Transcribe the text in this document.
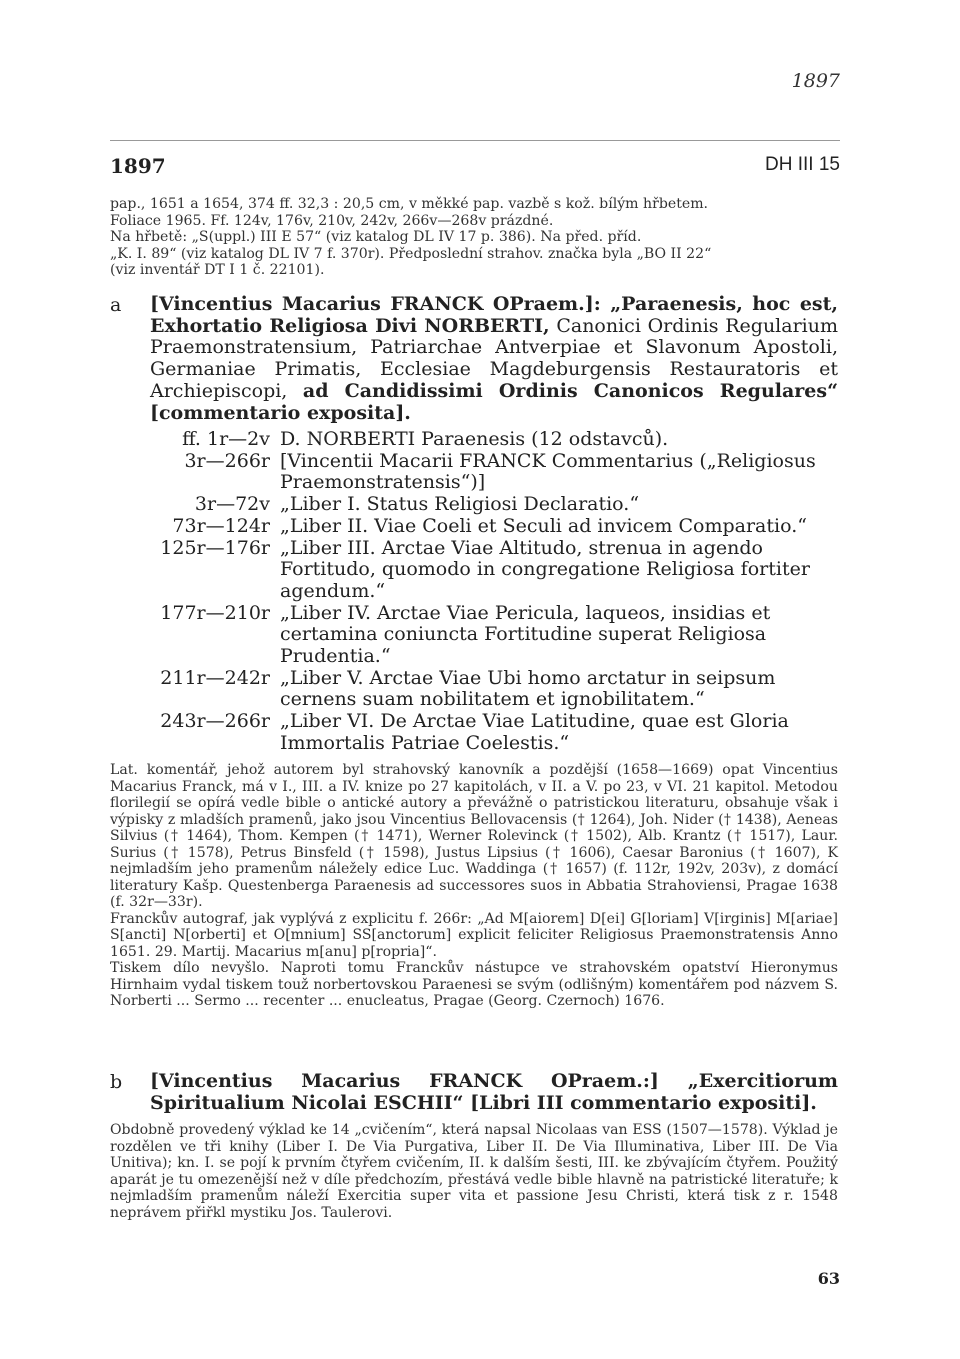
1897
1897	DH III 15
pap., 1651 a 1654, 374 ff. 32,3 : 20,5 cm, v měkké pap. vazbě s kož. bílým hřbetem.
Foliace 1965. Ff. 124v, 176v, 210v, 242v, 266v—268v prázdné.
Na hřbetě: „S(uppl.) III E 57“ (viz katalog DL IV 17 p. 386). Na před. příd.
„K. I. 89“ (viz katalog DL IV 7 f. 370r). Předposlední strahov. značka byla „BO II 22“
(viz inventář DT I 1 č. 22101).
a [Vincentius Macarius FRANCK OPraem.]: „Paraenesis, hoc est, Exhortatio Religiosa Divi NORBERTI, Canonici Ordinis Regularium Praemonstratensium, Patriarchae Antverpiae et Slavonum Apostoli, Germaniae Primatis, Ecclesiae Magdeburgensis Restauratoris et Archiepiscopi, ad Candidissimi Ordinis Canonicos Regulares“ [commentario exposita].
ff. 1r—2v D. NORBERTI Paraenesis (12 odstavců).
3r—266r [Vincentii Macarii FRANCK Commentarius („Religiosus Praemonstratensis“)]
3r—72v „Liber I. Status Religiosi Declaratio.“
73r—124r „Liber II. Viae Coeli et Seculi ad invicem Comparatio.“
125r—176r „Liber III. Arctae Viae Altitudo, strenua in agendo Fortitudo, quomodo in congregatione Religiosa fortiter agendum.“
177r—210r „Liber IV. Arctae Viae Pericula, laqueos, insidias et certamina coniuncta Fortitudine superat Religiosa Prudentia.“
211r—242r „Liber V. Arctae Viae Ubi homo arctatur in seipsum cernens suam nobilitatem et ignobilitatem.“
243r—266r „Liber VI. De Arctae Viae Latitudine, quae est Gloria Immortalis Patriae Coelestis.“

Lat. komentář, jehož autorem byl strahovský kanovník a pozdější (1658—1669) opat Vincentius Macarius Franck, má v I., III. a IV. knize po 27 kapitolách, v II. a V. po 23, v VI. 21 kapitol. Metodou florilegií se opírá vedle bible o antické autory a převážně o patristickou literaturu, obsahuje však i výpisky z mladších pramenů, jako jsou Vincentius Bellovacensis († 1264), Joh. Nider († 1438), Aeneas Silvius († 1464), Thom. Kempen († 1471), Werner Rolevinck († 1502), Alb. Krantz († 1517), Laur. Surius († 1578), Petrus Binsfeld († 1598), Justus Lipsius († 1606), Caesar Baronius († 1607), K nejmladším jeho pramenům náležely edice Luc. Waddinga († 1657) (f. 112r, 192v, 203v), z domácí literatury Kašp. Questenberga Paraenesis ad successores suos in Abbatia Strahoviensi, Pragae 1638 (f. 32r—33r).

Franckův autograf, jak vyplývá z explicitu f. 266r: „Ad M[aiorem] D[ei] G[loriam] V[irginis] M[ariae] S[ancti] N[orberti] et O[mnium] SS[anctorum] explicit feliciter Religiosus Praemonstratensis Anno 1651. 29. Martij. Macarius m[anu] p[ropria]“.

Tiskem dílo nevyšlo. Naproti tomu Franckův nástupce ve strahovském opatství Hieronymus Hirnhaim vydal tiskem touž norbertovskou Paraenesi se svým (odlišným) komentářem pod názvem S. Norberti ... Sermo ... recenter ... enucleatus, Pragae (Georg. Czernoch) 1676.

b [Vincentius Macarius FRANCK OPraem.:] „Exercitiorum Spiritualium Nicolai ESCHII“ [Libri III commentario expositi].

Obdobně provedený výklad ke 14 „cvičením“, která napsal Nicolaas van ESS (1507—1578). Výklad je rozdělen ve tři knihy (Liber I. De Via Purgativa, Liber II. De Via Illuminativa, Liber III. De Via Unitiva); kn. I. se pojí k prvním čtyřem cvičením, II. k dalším šesti, III. ke zbývajícím čtyřem. Použitý aparát je tu omezenější než v díle předchozím, přestává vedle bible hlavně na patristické literatuře; k nejmladším pramenům náleží Exercitia super vita et passione Jesu Christi, která tisk z r. 1548 neprávem přiřkl mystiku Jos. Taulerovi.

63
